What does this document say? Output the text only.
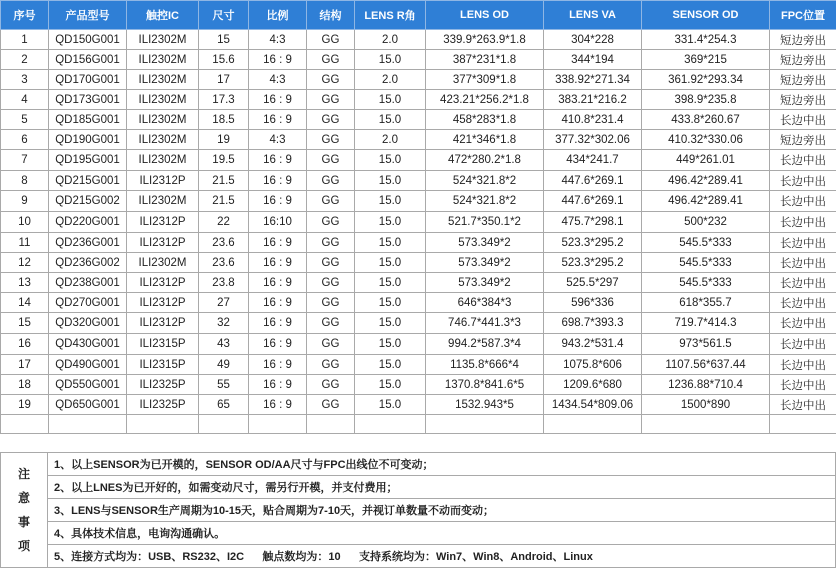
序号	产品型号	触控IC	尺寸	比例	结构	LENS R角	LENS OD	LENS VA	SENSOR OD	FPC位置
1	QD150G001	ILI2302M	15	4:3	GG	2.0	339.9*263.9*1.8	304*228	331.4*254.3	短边旁出
2	QD156G001	ILI2302M	15.6	16 : 9	GG	15.0	387*231*1.8	344*194	369*215	短边旁出
3	QD170G001	ILI2302M	17	4:3	GG	2.0	377*309*1.8	338.92*271.34	361.92*293.34	短边旁出
4	QD173G001	ILI2302M	17.3	16 : 9	GG	15.0	423.21*256.2*1.8	383.21*216.2	398.9*235.8	短边旁出
5	QD185G001	ILI2302M	18.5	16 : 9	GG	15.0	458*283*1.8	410.8*231.4	433.8*260.67	长边中出
6	QD190G001	ILI2302M	19	4:3	GG	2.0	421*346*1.8	377.32*302.06	410.32*330.06	短边旁出
7	QD195G001	ILI2302M	19.5	16 : 9	GG	15.0	472*280.2*1.8	434*241.7	449*261.01	长边中出
8	QD215G001	ILI2312P	21.5	16 : 9	GG	15.0	524*321.8*2	447.6*269.1	496.42*289.41	长边中出
9	QD215G002	ILI2302M	21.5	16 : 9	GG	15.0	524*321.8*2	447.6*269.1	496.42*289.41	长边中出
10	QD220G001	ILI2312P	22	16:10	GG	15.0	521.7*350.1*2	475.7*298.1	500*232	长边中出
11	QD236G001	ILI2312P	23.6	16 : 9	GG	15.0	573.349*2	523.3*295.2	545.5*333	长边中出
12	QD236G002	ILI2302M	23.6	16 : 9	GG	15.0	573.349*2	523.3*295.2	545.5*333	长边中出
13	QD238G001	ILI2312P	23.8	16 : 9	GG	15.0	573.349*2	525.5*297	545.5*333	长边中出
14	QD270G001	ILI2312P	27	16 : 9	GG	15.0	646*384*3	596*336	618*355.7	长边中出
15	QD320G001	ILI2312P	32	16 : 9	GG	15.0	746.7*441.3*3	698.7*393.3	719.7*414.3	长边中出
16	QD430G001	ILI2315P	43	16 : 9	GG	15.0	994.2*587.3*4	943.2*531.4	973*561.5	长边中出
17	QD490G001	ILI2315P	49	16 : 9	GG	15.0	1135.8*666*4	1075.8*606	1107.56*637.44	长边中出
18	QD550G001	ILI2325P	55	16 : 9	GG	15.0	1370.8*841.6*5	1209.6*680	1236.88*710.4	长边中出
19	QD650G001	ILI2325P	65	16 : 9	GG	15.0	1532.943*5	1434.54*809.06	1500*890	长边中出

注
意
事
项
	1、以上SENSOR为已开模的，SENSOR OD/AA尺寸与FPC出线位不可变动；
2、以上LNES为已开好的，如需变动尺寸，需另行开模，并支付费用；
3、LENS与SENSOR生产周期为10-15天，贴合周期为7-10天，并视订单数量不动而变动；
4、具体技术信息，电询沟通确认。
5、连接方式均为：USB、RS232、I2C      触点数均为：10      支持系统均为：Win7、Win8、Android、Linux
